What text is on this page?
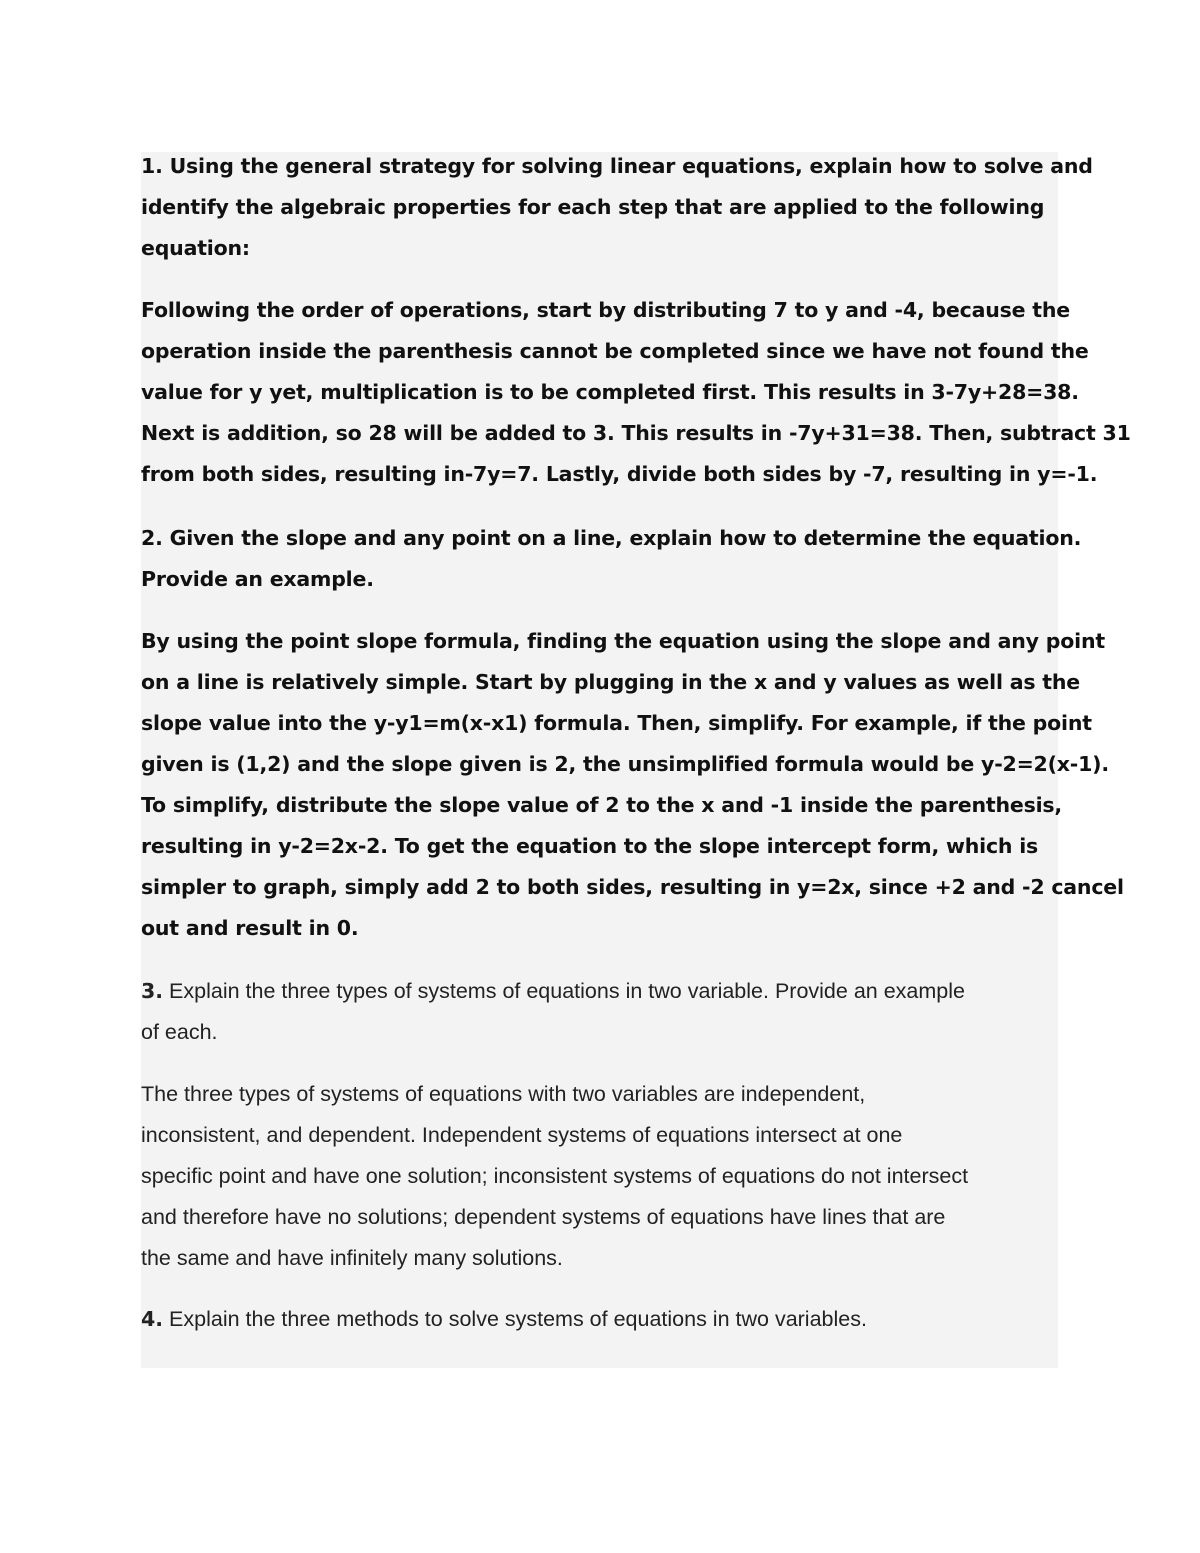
1. Using the general strategy for solving linear equations, explain how to solve and
identify the algebraic properties for each step that are applied to the following
equation:

Following the order of operations, start by distributing 7 to y and -4, because the
operation inside the parenthesis cannot be completed since we have not found the
value for y yet, multiplication is to be completed first. This results in 3-7y+28=38.
Next is addition, so 28 will be added to 3. This results in -7y+31=38. Then, subtract 31
from both sides, resulting in-7y=7. Lastly, divide both sides by -7, resulting in y=-1.

2. Given the slope and any point on a line, explain how to determine the equation.
Provide an example.

By using the point slope formula, finding the equation using the slope and any point
on a line is relatively simple. Start by plugging in the x and y values as well as the
slope value into the y-y1=m(x-x1) formula. Then, simplify. For example, if the point
given is (1,2) and the slope given is 2, the unsimplified formula would be y-2=2(x-1).
To simplify, distribute the slope value of 2 to the x and -1 inside the parenthesis,
resulting in y-2=2x-2. To get the equation to the slope intercept form, which is
simpler to graph, simply add 2 to both sides, resulting in y=2x, since +2 and -2 cancel
out and result in 0.

3. Explain the three types of systems of equations in two variable. Provide an example
of each.

The three types of systems of equations with two variables are independent,
inconsistent, and dependent. Independent systems of equations intersect at one
specific point and have one solution; inconsistent systems of equations do not intersect
and therefore have no solutions; dependent systems of equations have lines that are
the same and have infinitely many solutions.

4. Explain the three methods to solve systems of equations in two variables.
